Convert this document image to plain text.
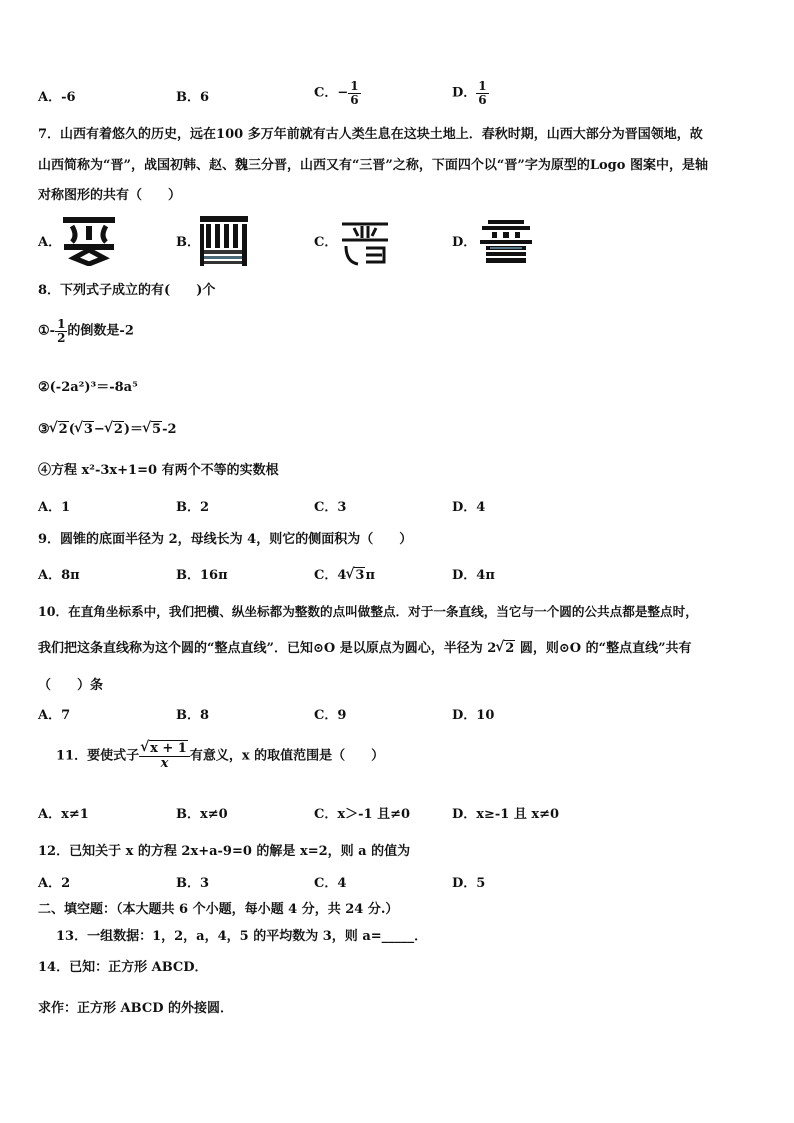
A．-6	B．6	C．− $\frac{1}{6}$	D． $\frac{1}{6}$
7．山西有着悠久的历史，远在100 多万年前就有古人类生息在这块土地上．春秋时期，山西大部分为晋国领地，故
山西简称为“晋”，战国初韩、赵、魏三分晋，山西又有“三晋”之称，下面四个以“晋”字为原型的Logo 图案中，是轴
对称图形的共有（　　）
A．	B．	C．	D．
8．下列式子成立的有(　　)个
①- $\frac{1}{2}$ 的倒数是-2
②(-2a²)³＝-8a⁵
③ √ 2( √ 3− √ 2)＝ √ 5-2
④方程 x²-3x+1=0 有两个不等的实数根
A．1	B．2	C．3	D．4
9．圆锥的底面半径为 2，母线长为 4，则它的侧面积为（　　）
A．8π	B．16π	C．4 √ 3π	D．4π
10．在直角坐标系中，我们把横、纵坐标都为整数的点叫做整点．对于一条直线，当它与一个圆的公共点都是整点时，
我们把这条直线称为这个圆的“整点直线”．已知⊙O 是以原点为圆心，半径为 2 √ 2 圆，则⊙O 的“整点直线”共有
（　　）条
A．7	B．8	C．9	D．10
11．要使式子 √ $\frac{x + 1}{x}$ 有意义，x 的取值范围是（　　）
A．x≠1	B．x≠0	C．x＞-1 且≠0	D．x≥-1 且 x≠0
12．已知关于 x 的方程 2x+a-9=0 的解是 x=2，则 a 的值为
A．2	B．3	C．4	D．5
二、填空题：（本大题共 6 个小题，每小题 4 分，共 24 分.）
13．一组数据：1，2，a，4，5 的平均数为 3，则 a=_____．
14．已知：正方形 ABCD．
求作：正方形 ABCD 的外接圆．
